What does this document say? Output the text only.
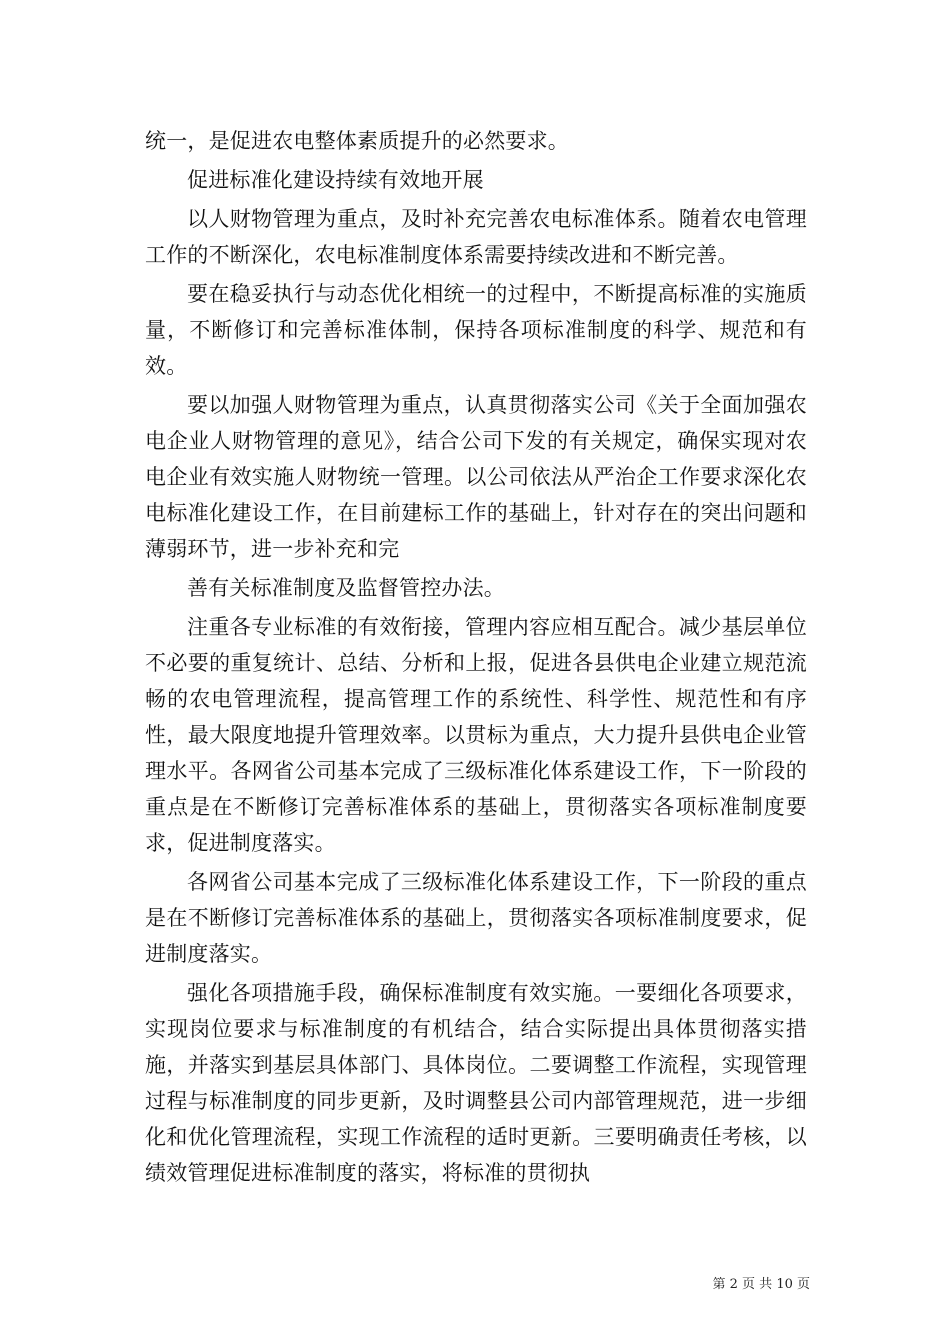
统一，是促进农电整体素质提升的必然要求。

促进标准化建设持续有效地开展

以人财物管理为重点，及时补充完善农电标准体系。随着农电管理工作的不断深化，农电标准制度体系需要持续改进和不断完善。

要在稳妥执行与动态优化相统一的过程中，不断提高标准的实施质量，不断修订和完善标准体制，保持各项标准制度的科学、规范和有效。

要以加强人财物管理为重点，认真贯彻落实公司《关于全面加强农电企业人财物管理的意见》，结合公司下发的有关规定，确保实现对农电企业有效实施人财物统一管理。以公司依法从严治企工作要求深化农电标准化建设工作，在目前建标工作的基础上，针对存在的突出问题和薄弱环节，进一步补充和完

善有关标准制度及监督管控办法。

注重各专业标准的有效衔接，管理内容应相互配合。减少基层单位不必要的重复统计、总结、分析和上报，促进各县供电企业建立规范流畅的农电管理流程，提高管理工作的系统性、科学性、规范性和有序性，最大限度地提升管理效率。以贯标为重点，大力提升县供电企业管理水平。各网省公司基本完成了三级标准化体系建设工作，下一阶段的重点是在不断修订完善标准体系的基础上，贯彻落实各项标准制度要求，促进制度落实。

各网省公司基本完成了三级标准化体系建设工作，下一阶段的重点是在不断修订完善标准体系的基础上，贯彻落实各项标准制度要求，促进制度落实。

强化各项措施手段，确保标准制度有效实施。一要细化各项要求，实现岗位要求与标准制度的有机结合，结合实际提出具体贯彻落实措施，并落实到基层具体部门、具体岗位。二要调整工作流程，实现管理过程与标准制度的同步更新，及时调整县公司内部管理规范，进一步细化和优化管理流程，实现工作流程的适时更新。三要明确责任考核，以绩效管理促进标准制度的落实，将标准的贯彻执

第 2 页 共 10 页
